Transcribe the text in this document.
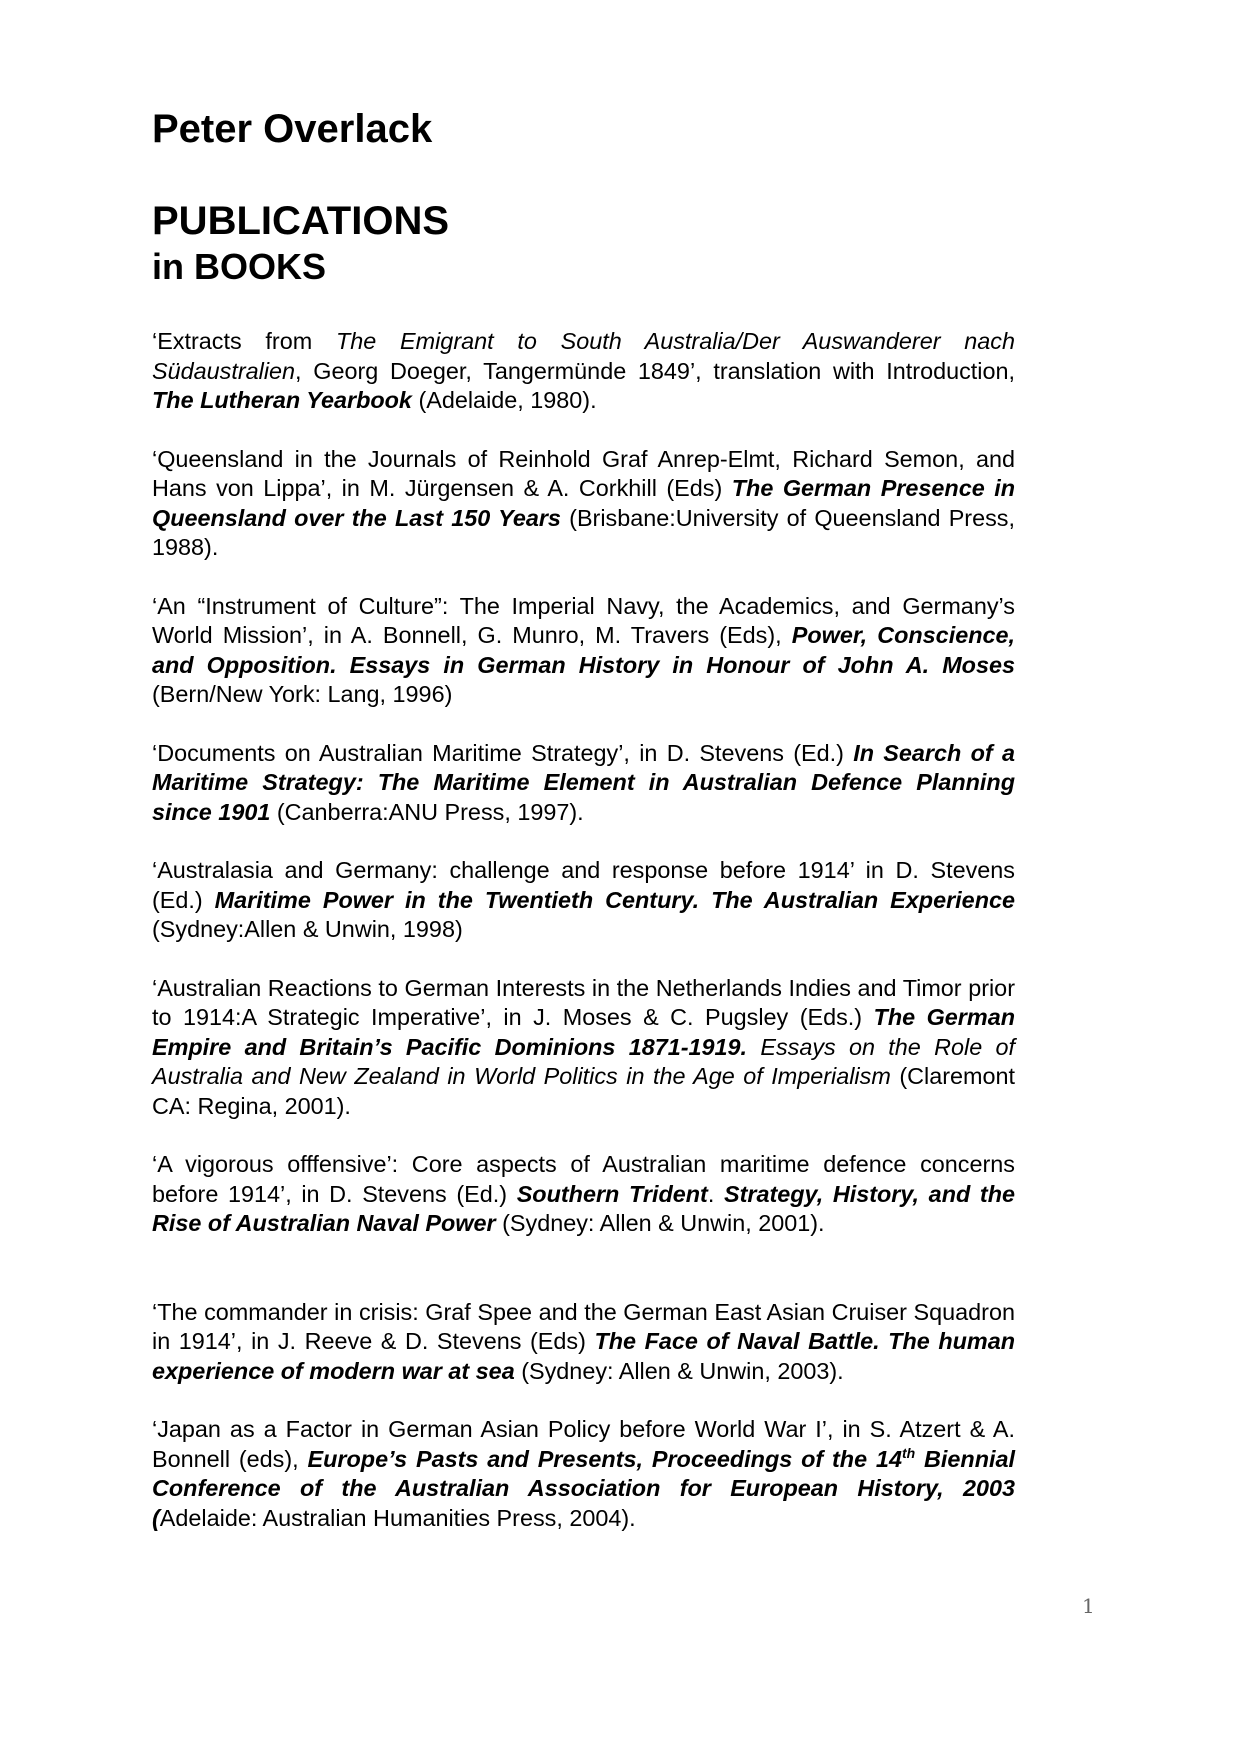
Peter Overlack
PUBLICATIONS
in BOOKS

‘Extracts from The Emigrant to South Australia/Der Auswanderer nach Südaustralien, Georg Doeger, Tangermünde 1849’, translation with Introduction, The Lutheran Yearbook (Adelaide, 1980).

‘Queensland in the Journals of Reinhold Graf Anrep-Elmt, Richard Semon, and Hans von Lippa’, in M. Jürgensen & A. Corkhill (Eds) The German Presence in Queensland over the Last 150 Years (Brisbane:University of Queensland Press, 1988).

‘An “Instrument of Culture”: The Imperial Navy, the Academics, and Germany’s World Mission’, in A. Bonnell, G. Munro, M. Travers (Eds), Power, Conscience, and Opposition. Essays in German History in Honour of John A. Moses (Bern/New York: Lang, 1996)

‘Documents on Australian Maritime Strategy’, in D. Stevens (Ed.) In Search of a Maritime Strategy: The Maritime Element in Australian Defence Planning since 1901 (Canberra:ANU Press, 1997).

‘Australasia and Germany: challenge and response before 1914’ in D. Stevens (Ed.) Maritime Power in the Twentieth Century. The Australian Experience (Sydney:Allen & Unwin, 1998)

‘Australian Reactions to German Interests in the Netherlands Indies and Timor prior to 1914:A Strategic Imperative’, in J. Moses & C. Pugsley (Eds.) The German Empire and Britain’s Pacific Dominions 1871-1919. Essays on the Role of Australia and New Zealand in World Politics in the Age of Imperialism (Claremont CA: Regina, 2001).

‘A vigorous offfensive’: Core aspects of Australian maritime defence concerns before 1914’, in D. Stevens (Ed.) Southern Trident. Strategy, History, and the Rise of Australian Naval Power (Sydney: Allen & Unwin, 2001).

‘The commander in crisis: Graf Spee and the German East Asian Cruiser Squadron in 1914’, in J. Reeve & D. Stevens (Eds) The Face of Naval Battle. The human experience of modern war at sea (Sydney: Allen & Unwin, 2003).

‘Japan as a Factor in German Asian Policy before World War I’, in S. Atzert & A. Bonnell (eds), Europe’s Pasts and Presents, Proceedings of the 14th Biennial Conference of the Australian Association for European History, 2003 (Adelaide: Australian Humanities Press, 2004).

1
